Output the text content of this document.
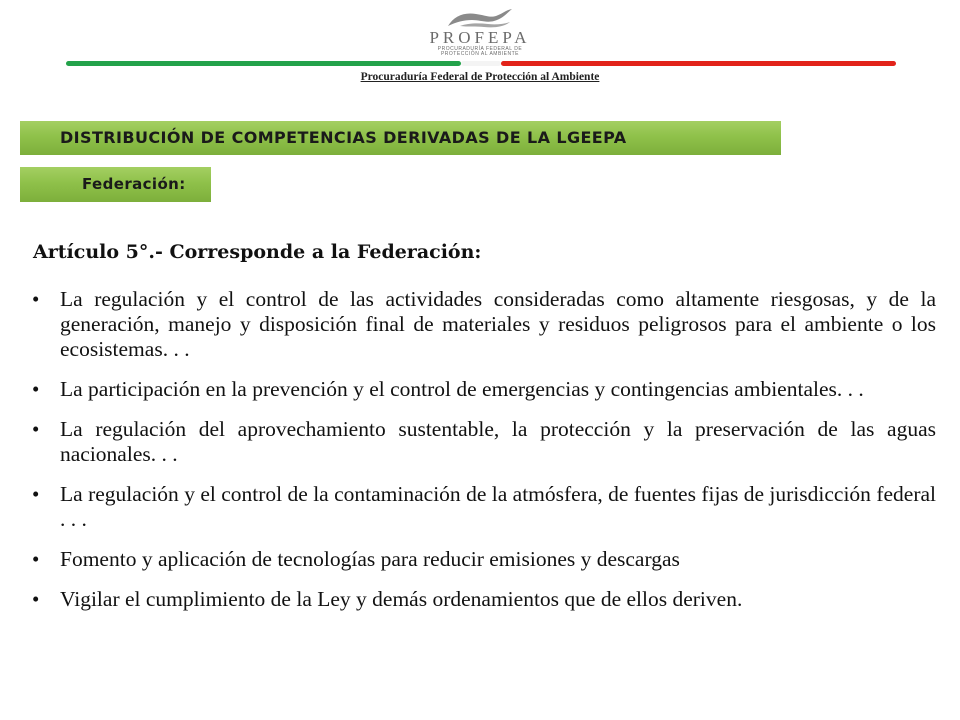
PROFEPA
PROCURADURÍA FEDERAL DE
PROTECCIÓN AL AMBIENTE
Procuraduría Federal de Protección al Ambiente
DISTRIBUCIÓN DE COMPETENCIAS DERIVADAS DE LA LGEEPA
Federación:
Artículo 5°.- Corresponde a la Federación:
• La regulación y el control de las actividades consideradas como altamente riesgosas, y de la generación, manejo y disposición final de materiales y residuos peligrosos para el ambiente o los ecosistemas. . .
• La participación en la prevención y el control de emergencias y contingencias ambientales. . .
• La regulación del aprovechamiento sustentable, la protección y la preservación de las aguas nacionales. . .
• La regulación y el control de la contaminación de la atmósfera, de fuentes fijas de jurisdicción federal . . .
• Fomento y aplicación de tecnologías para reducir emisiones y descargas
• Vigilar el cumplimiento de la Ley y demás ordenamientos que de ellos deriven.
